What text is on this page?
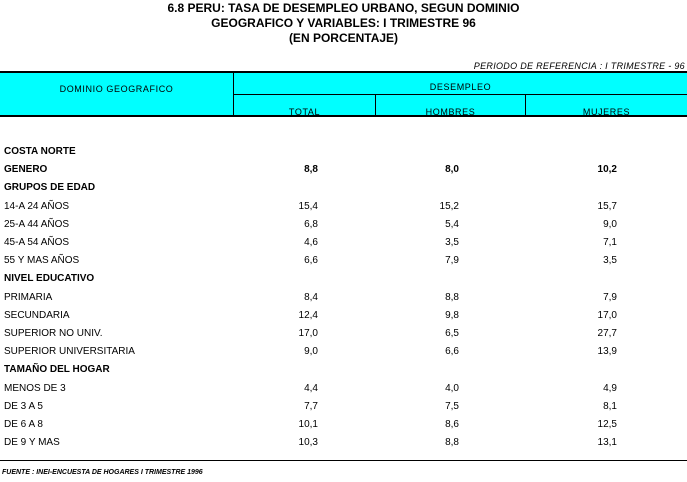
6.8 PERU: TASA DE DESEMPLEO URBANO, SEGUN DOMINIO
GEOGRAFICO Y VARIABLES: I TRIMESTRE 96
(EN PORCENTAJE)
PERIODO DE REFERENCIA : I TRIMESTRE - 96
DOMINIO GEOGRAFICO	DESEMPLEO
TOTAL	HOMBRES	MUJERES
COSTA NORTE
GENERO	8,8	8,0	10,2
GRUPOS DE EDAD
14-A 24 AÑOS	15,4	15,2	15,7
25-A 44 AÑOS	6,8	5,4	9,0
45-A 54 AÑOS	4,6	3,5	7,1
55 Y MAS AÑOS	6,6	7,9	3,5
NIVEL EDUCATIVO
PRIMARIA	8,4	8,8	7,9
SECUNDARIA	12,4	9,8	17,0
SUPERIOR NO UNIV.	17,0	6,5	27,7
SUPERIOR UNIVERSITARIA	9,0	6,6	13,9
TAMAÑO DEL HOGAR
MENOS DE 3	4,4	4,0	4,9
DE 3 A 5	7,7	7,5	8,1
DE 6 A 8	10,1	8,6	12,5
DE 9 Y MAS	10,3	8,8	13,1
FUENTE : INEI-ENCUESTA DE HOGARES I TRIMESTRE 1996
